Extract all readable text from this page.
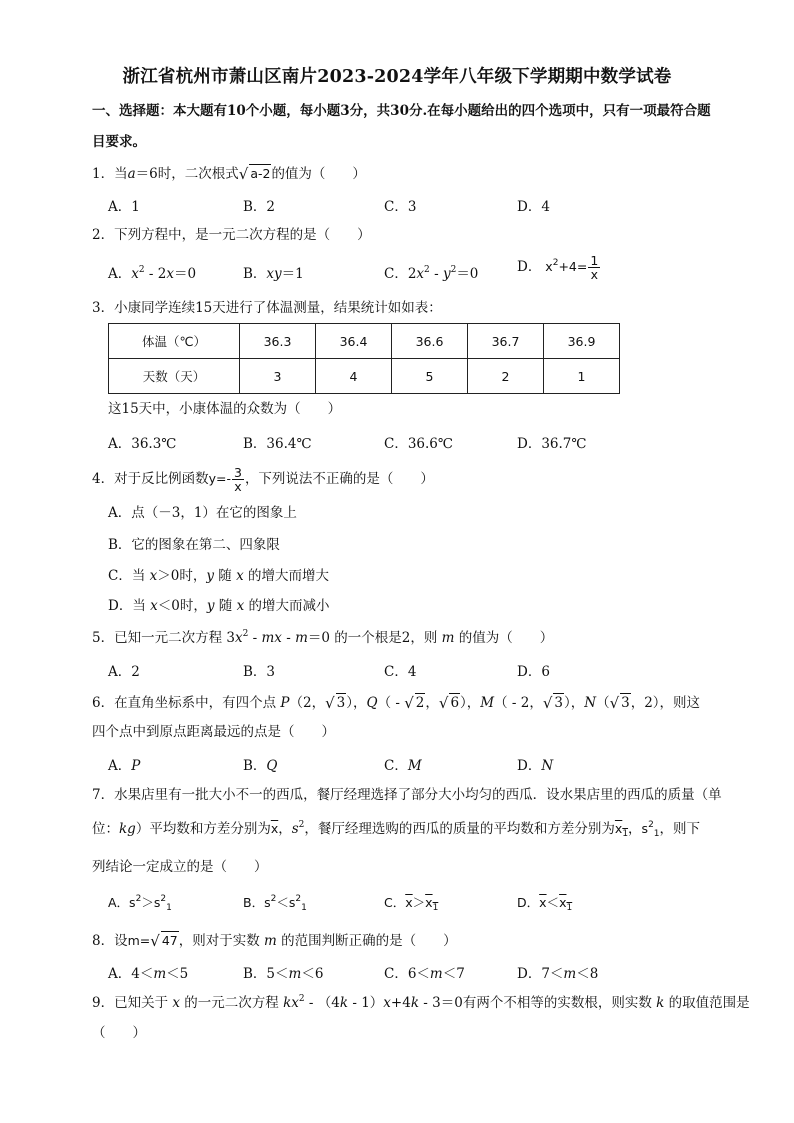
浙江省杭州市萧山区南片2023-2024学年八年级下学期期中数学试卷
一、选择题：本大题有10个小题，每小题3分，共30分.在每小题给出的四个选项中，只有一项最符合题
目要求。
1．当a＝6时，二次根式√ a-2的值为（　　）
A．1	B．2	C．3	D．4
2．下列方程中，是一元二次方程的是（　　）
A．$x^2 - 2x=0$	B．xy＝1	C．$2x^2 - y^2=0$	D． $x^2+4= \frac{1}{x}$
3．小康同学连续15天进行了体温测量，结果统计如如表：
体温（℃）	36.3	36.4	36.6	36.7	36.9
天数（天）	3	4	5	2	1
这15天中，小康体温的众数为（　　）
A．36.3℃	B．36.4℃	C．36.6℃	D．36.7℃
4．对于反比例函数$y=- \frac{3}{x}$ ，下列说法不正确的是（　　）
A．点（－3，1）在它的图象上
B．它的图象在第二、四象限
C．当 x＞0时，y 随 x 的增大而增大
D．当 x＜0时，y 随 x 的增大而减小
5．已知一元二次方程 $3x^2$ - mx - m＝0 的一个根是2，则 m 的值为（　　）
A．2	B．3	C．4	D．6
6．在直角坐标系中，有四个点 P（2，√ 3），Q（ - √ 2，√ 6），M（ - 2，√ 3），N（√ 3，2），则这
四个点中到原点距离最远的点是（　　）
A．P	B．Q	C．M	D．N
7．水果店里有一批大小不一的西瓜，餐厅经理选择了部分大小均匀的西瓜．设水果店里的西瓜的质量（单
位：kg）平均数和方差分别为$\overline{x}$，$s^2$，餐厅经理选购的西瓜的质量的平均数和方差分别为$x_1$，$s^2_1$，则下
列结论一定成立的是（　　）
A．$s^2>s^2_1$	B．$s^2<s^2_1$	C．$\overline{x}>x_1$	D．$\overline{x}<x_1$
8．设m=√ 47，则对于实数 m 的范围判断正确的是（　　）
A．4＜m＜5	B．5＜m＜6	C．6＜m＜7	D．7＜m＜8
9．已知关于 x 的一元二次方程 $kx^2 - (4k - 1)x+4k - 3=0$有两个不相等的实数根，则实数 k 的取值范围是
（　　）
